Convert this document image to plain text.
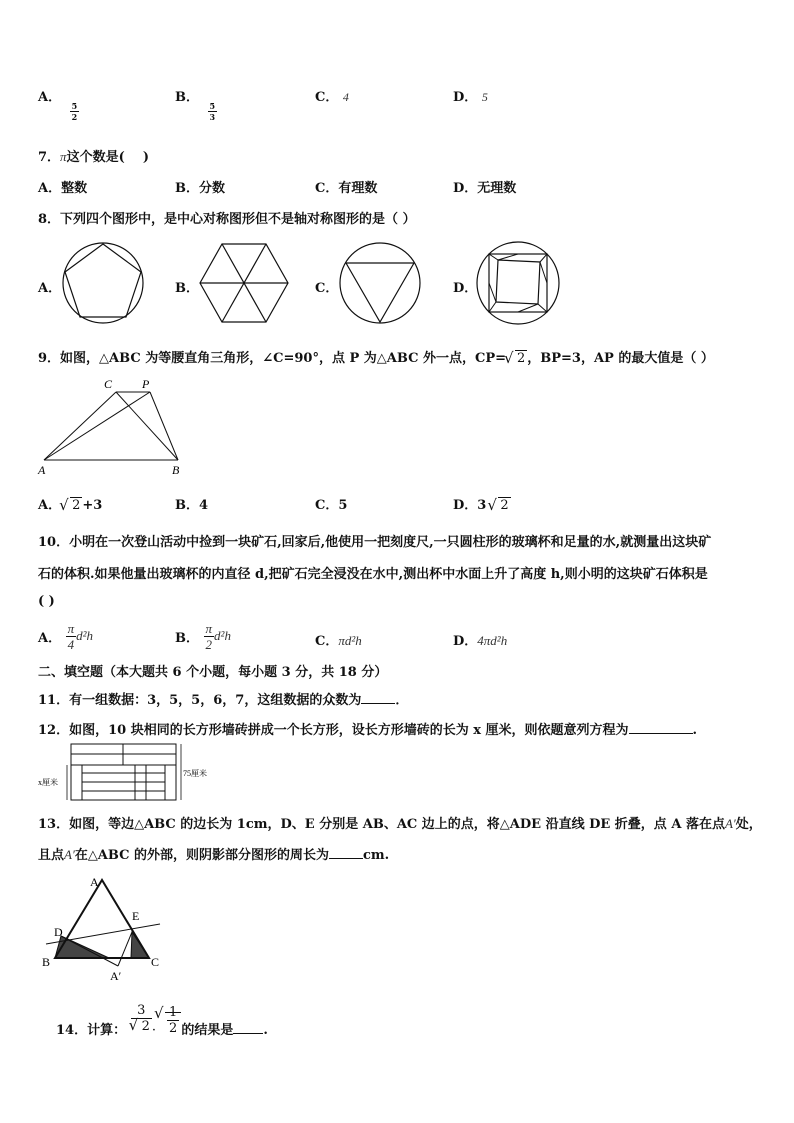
A．
$\frac{5}{2}$
B．
$\frac{5}{3}$
C． 4	D． 5
7．π这个数是( )
A．整数	B．分数	C．有理数	D．无理数
8．下列四个图形中，是中心对称图形但不是轴对称图形的是（ ）
A．	B．	C．	D．
9．如图，△ABC 为等腰直角三角形，∠C=90°，点 P 为△ABC 外一点，CP= √ 2 ，BP=3，AP 的最大值是（ ）
C P
A	B
A． √ 2 +3	B．4	C．5	D．3 √ 2
10．小明在一次登山活动中捡到一块矿石,回家后,他使用一把刻度尺,一只圆柱形的玻璃杯和足量的水,就测量出这块矿
石的体积.如果他量出玻璃杯的内直径 d,把矿石完全浸没在水中,测出杯中水面上升了高度 h,则小明的这块矿石体积是
( )
A． $\frac{\pi}{4} d^2h$	B． $\frac{\pi}{2} d^2h$	C．πd²h	D．4πd²h
二、填空题（本大题共 6 个小题，每小题 3 分，共 18 分）
11．有一组数据：3，5，5，6，7，这组数据的众数为	．
12．如图，10 块相同的长方形墙砖拼成一个长方形，设长方形墙砖的长为 x 厘米，则依题意列方程为	.
x厘米
75厘米
13．如图，等边△ABC 的边长为 1cm，D、E 分别是 AB、AC 边上的点，将△ADE 沿直线 DE 折叠，点 A 落在点A′处，
且点A′在△ABC 的外部，则阴影部分图形的周长为	cm.
A
D
E
B	C
A′
14．计算： 3
√ 2 · √ $\frac{1}{2}$ 的结果是 .
